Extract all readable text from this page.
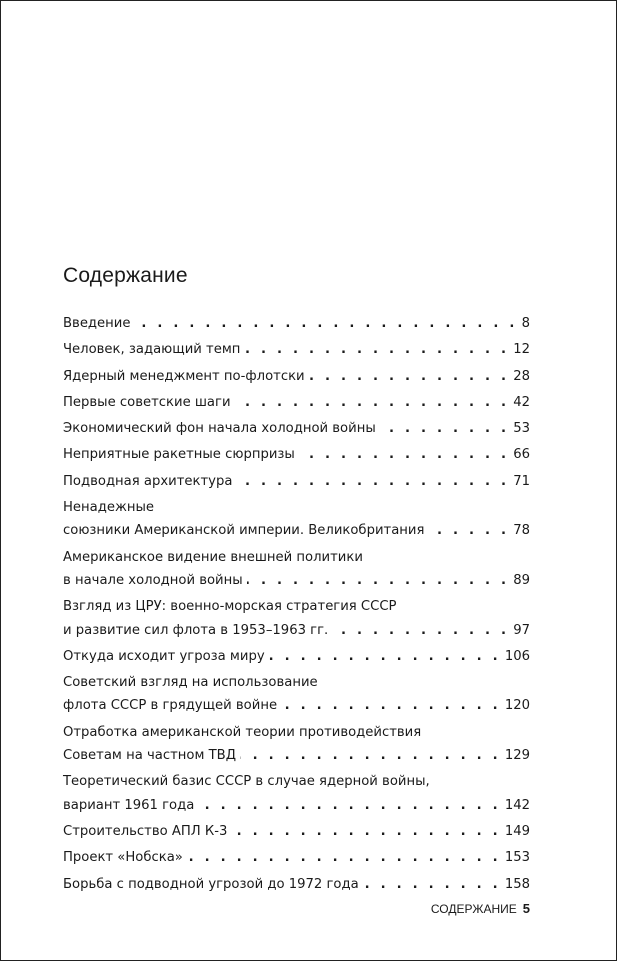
Содержание
Введение . . .	8
Человек, задающий темп . . .	12
Ядерный менеджмент по-флотски . . .	28
Первые советские шаги . . .	42
Экономический фон начала холодной войны . . .	53
Неприятные ракетные сюрпризы . . .	66
Подводная архитектура . . .	71
Ненадежные
союзники Американской империи. Великобритания . . .	78
Американское видение внешней политики
в начале холодной войны . . .	89
Взгляд из ЦРУ: военно-морская стратегия СССР
и развитие сил флота в 1953–1963 гг. . . .	97
Откуда исходит угроза миру . . .	106
Советский взгляд на использование
флота СССР в грядущей войне . . .	120
Отработка американской теории противодействия
Советам на частном ТВД . . .	129
Теоретический базис СССР в случае ядерной войны,
вариант 1961 года . . .	142
Строительство АПЛ К-3 . . .	149
Проект «Нобска» . . .	153
Борьба с подводной угрозой до 1972 года . . .	158
СОДЕРЖАНИЕ 5
